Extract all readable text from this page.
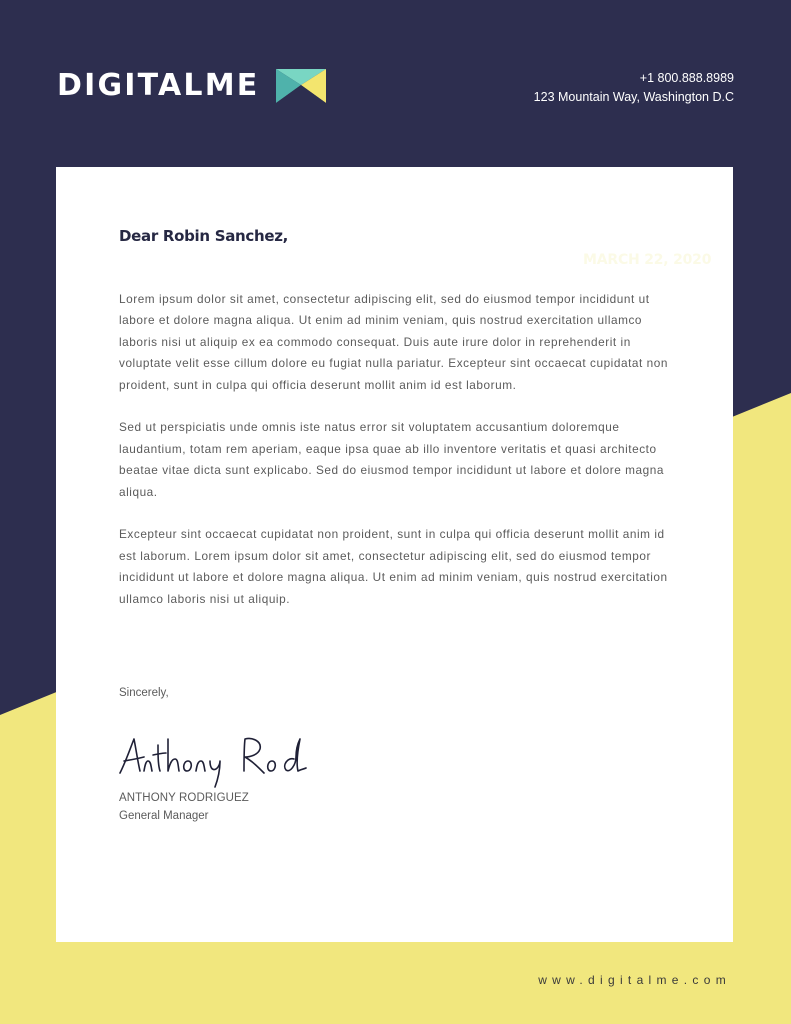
DIGITALME	+1 800.888.8989
123 Mountain Way, Washington D.C
Dear Robin Sanchez,
MARCH 22, 2020

Lorem ipsum dolor sit amet, consectetur adipiscing elit, sed do eiusmod tempor incididunt ut labore et dolore magna aliqua. Ut enim ad minim veniam, quis nostrud exercitation ullamco laboris nisi ut aliquip ex ea commodo consequat. Duis aute irure dolor in reprehenderit in voluptate velit esse cillum dolore eu fugiat nulla pariatur. Excepteur sint occaecat cupidatat non proident, sunt in culpa qui officia deserunt mollit anim id est laborum.

Sed ut perspiciatis unde omnis iste natus error sit voluptatem accusantium doloremque laudantium, totam rem aperiam, eaque ipsa quae ab illo inventore veritatis et quasi architecto beatae vitae dicta sunt explicabo. Sed do eiusmod tempor incididunt ut labore et dolore magna aliqua.

Excepteur sint occaecat cupidatat non proident, sunt in culpa qui officia deserunt mollit anim id est laborum. Lorem ipsum dolor sit amet, consectetur adipiscing elit, sed do eiusmod tempor incididunt ut labore et dolore magna aliqua. Ut enim ad minim veniam, quis nostrud exercitation ullamco laboris nisi ut aliquip.

Sincerely,
ANTHONY RODRIGUEZ
General Manager
www.digitalme.com
